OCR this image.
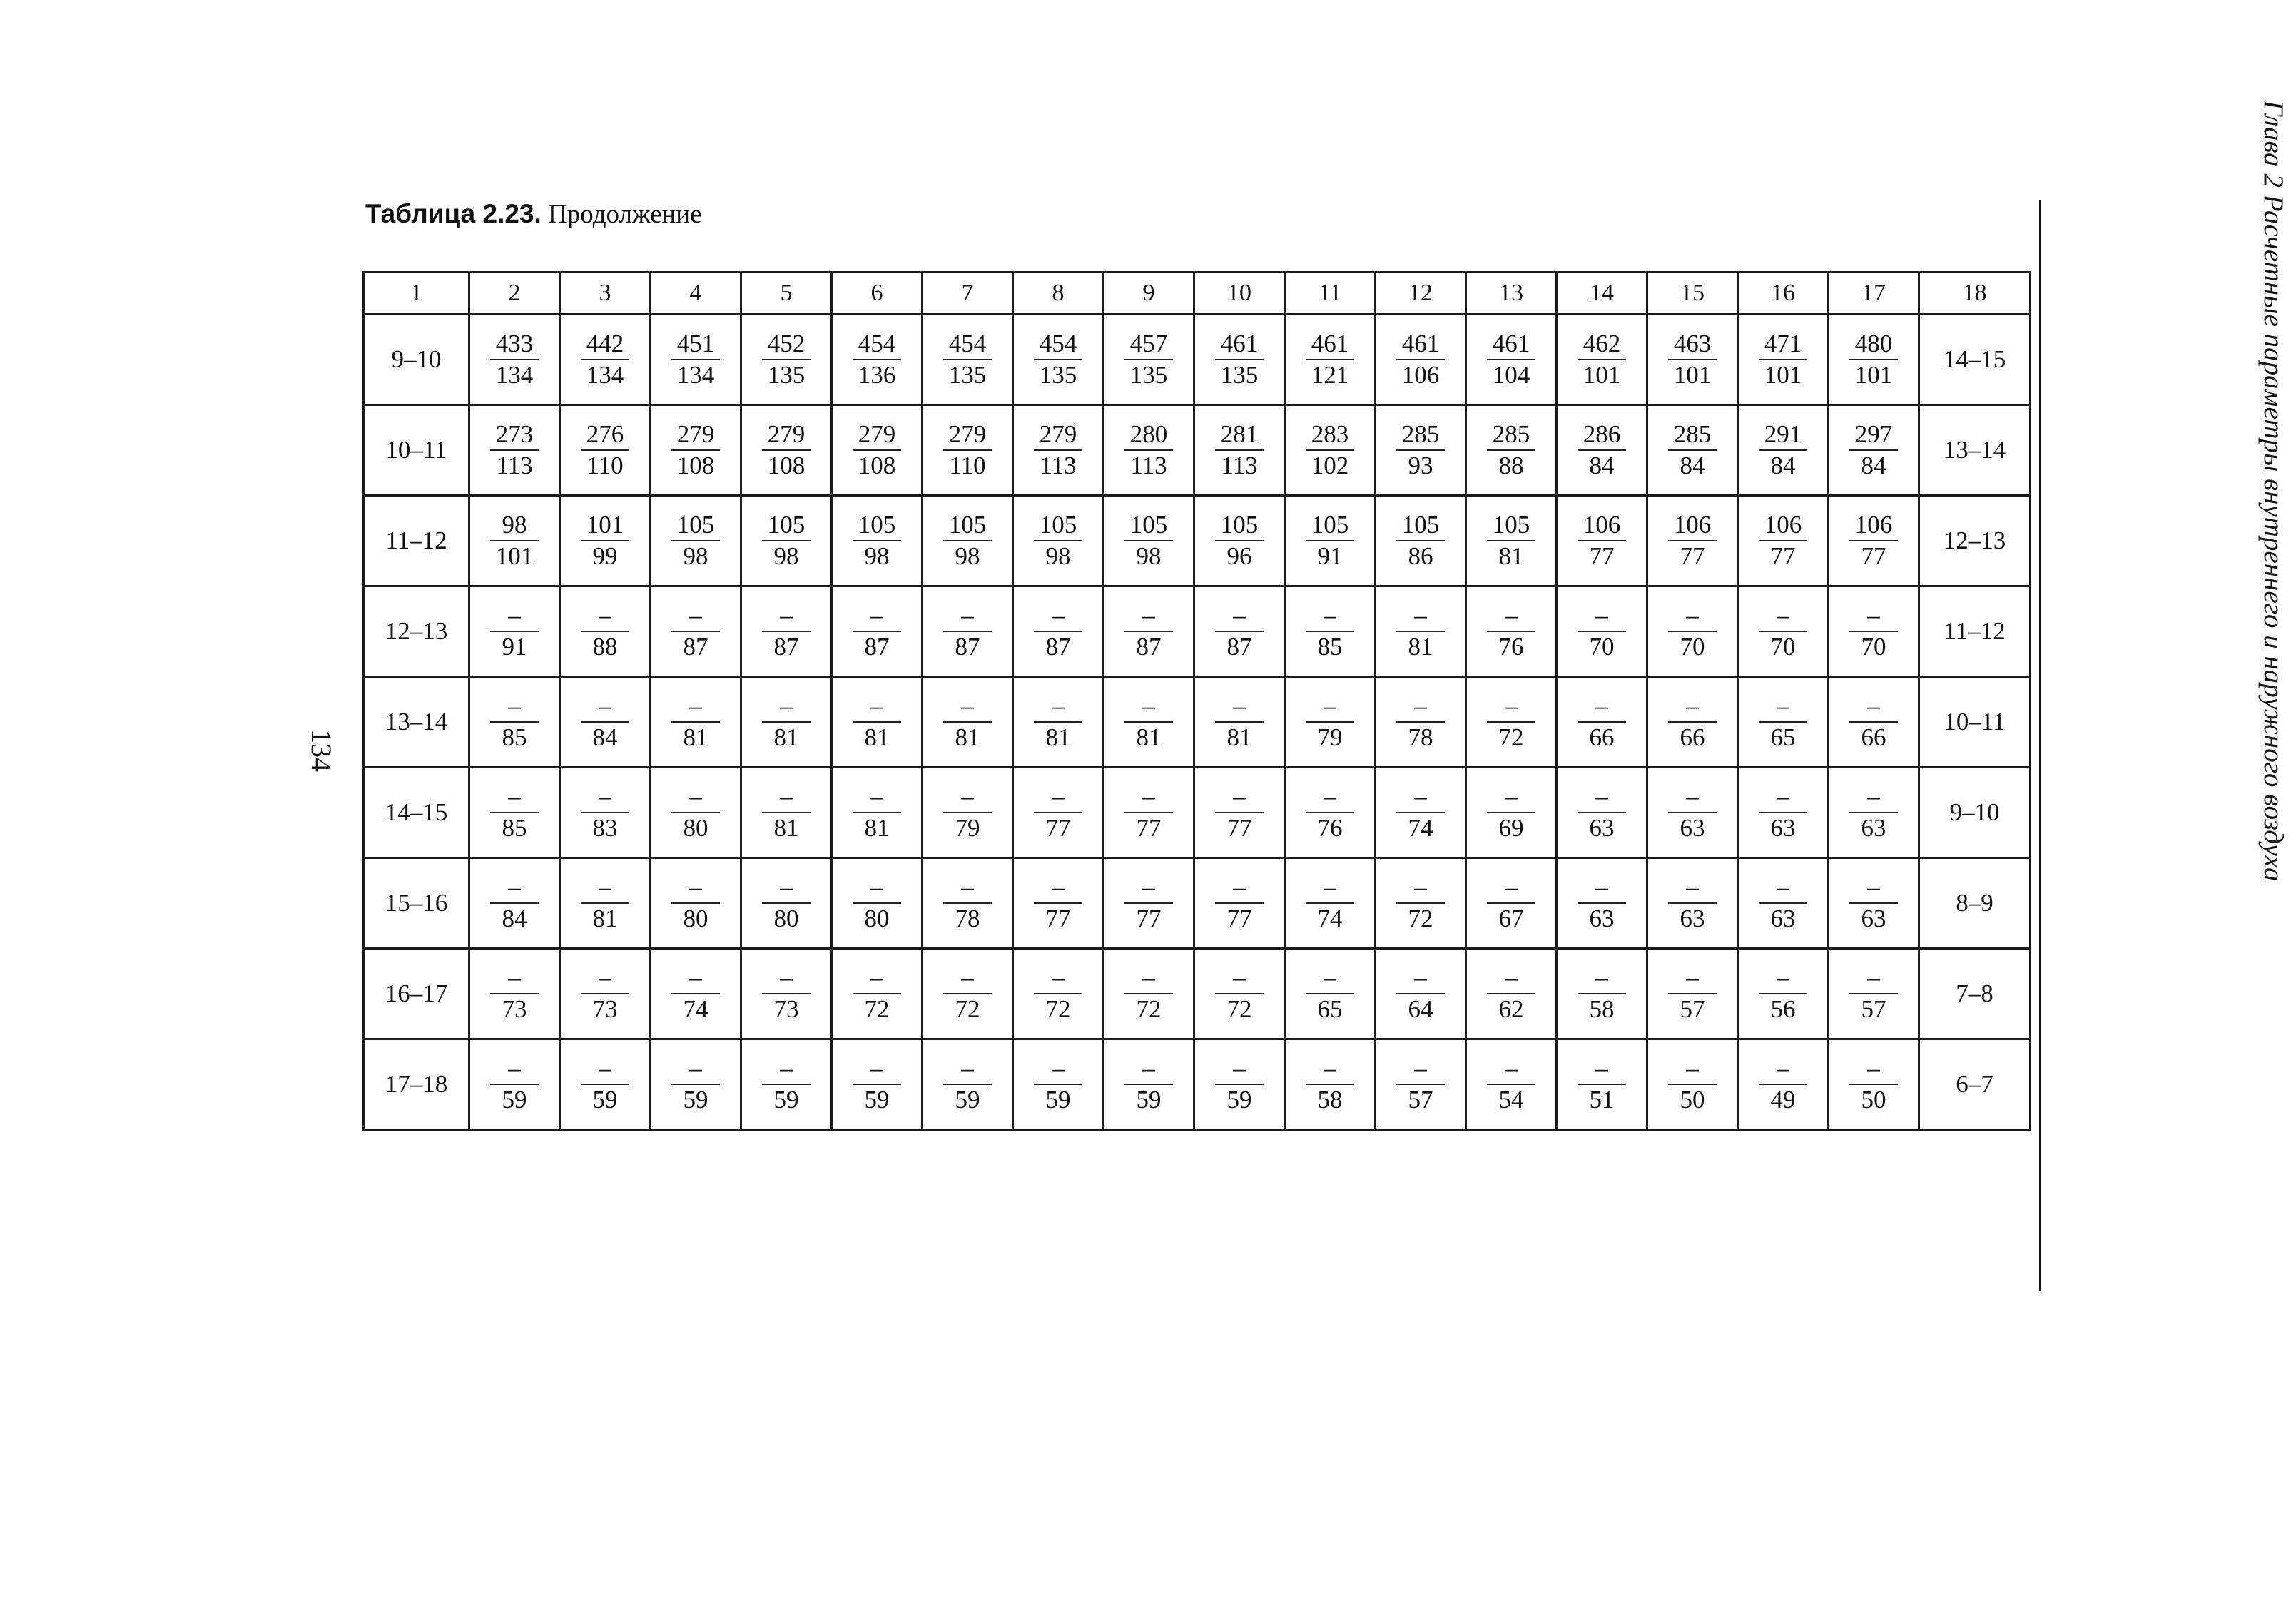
Таблица 2.23. Продолжение
134	Глава 2 Расчетные параметры внутреннего и наружного воздуха
1	2	3	4	5	6	7	8	9	10	11	12	13	14	15	16	17	18
9–10	$\frac{433}{134}$	$\frac{442}{134}$	$\frac{451}{134}$	$\frac{452}{135}$	$\frac{454}{136}$	$\frac{454}{135}$	$\frac{454}{135}$	$\frac{457}{135}$	$\frac{461}{135}$	$\frac{461}{121}$	$\frac{461}{106}$	$\frac{461}{104}$	$\frac{462}{101}$	$\frac{463}{101}$	$\frac{471}{101}$	$\frac{480}{101}$	14–15
10–11	$\frac{273}{113}$	$\frac{276}{110}$	$\frac{279}{108}$	$\frac{279}{108}$	$\frac{279}{108}$	$\frac{279}{110}$	$\frac{279}{113}$	$\frac{280}{113}$	$\frac{281}{113}$	$\frac{283}{102}$	$\frac{285}{93}$	$\frac{285}{88}$	$\frac{286}{84}$	$\frac{285}{84}$	$\frac{291}{84}$	$\frac{297}{84}$	13–14
11–12	$\frac{98}{101}$	$\frac{101}{99}$	$\frac{105}{98}$	$\frac{105}{98}$	$\frac{105}{98}$	$\frac{105}{98}$	$\frac{105}{98}$	$\frac{105}{98}$	$\frac{105}{96}$	$\frac{105}{91}$	$\frac{105}{86}$	$\frac{105}{81}$	$\frac{106}{77}$	$\frac{106}{77}$	$\frac{106}{77}$	$\frac{106}{77}$	12–13
12–13	$\frac{-}{91}$	$\frac{-}{88}$	$\frac{-}{87}$	$\frac{-}{87}$	$\frac{-}{87}$	$\frac{-}{87}$	$\frac{-}{87}$	$\frac{-}{87}$	$\frac{-}{87}$	$\frac{-}{85}$	$\frac{-}{81}$	$\frac{-}{76}$	$\frac{-}{70}$	$\frac{-}{70}$	$\frac{-}{70}$	$\frac{-}{70}$	11–12
13–14	$\frac{-}{85}$	$\frac{-}{84}$	$\frac{-}{81}$	$\frac{-}{81}$	$\frac{-}{81}$	$\frac{-}{81}$	$\frac{-}{81}$	$\frac{-}{81}$	$\frac{-}{81}$	$\frac{-}{79}$	$\frac{-}{78}$	$\frac{-}{72}$	$\frac{-}{66}$	$\frac{-}{66}$	$\frac{-}{65}$	$\frac{-}{66}$	10–11
14–15	$\frac{-}{85}$	$\frac{-}{83}$	$\frac{-}{80}$	$\frac{-}{81}$	$\frac{-}{81}$	$\frac{-}{79}$	$\frac{-}{77}$	$\frac{-}{77}$	$\frac{-}{77}$	$\frac{-}{76}$	$\frac{-}{74}$	$\frac{-}{69}$	$\frac{-}{63}$	$\frac{-}{63}$	$\frac{-}{63}$	$\frac{-}{63}$	9–10
15–16	$\frac{-}{84}$	$\frac{-}{81}$	$\frac{-}{80}$	$\frac{-}{80}$	$\frac{-}{80}$	$\frac{-}{78}$	$\frac{-}{77}$	$\frac{-}{77}$	$\frac{-}{77}$	$\frac{-}{74}$	$\frac{-}{72}$	$\frac{-}{67}$	$\frac{-}{63}$	$\frac{-}{63}$	$\frac{-}{63}$	$\frac{-}{63}$	8–9
16–17	$\frac{-}{73}$	$\frac{-}{73}$	$\frac{-}{74}$	$\frac{-}{73}$	$\frac{-}{72}$	$\frac{-}{72}$	$\frac{-}{72}$	$\frac{-}{72}$	$\frac{-}{72}$	$\frac{-}{65}$	$\frac{-}{64}$	$\frac{-}{62}$	$\frac{-}{58}$	$\frac{-}{57}$	$\frac{-}{56}$	$\frac{-}{57}$	7–8
17–18	$\frac{-}{59}$	$\frac{-}{59}$	$\frac{-}{59}$	$\frac{-}{59}$	$\frac{-}{59}$	$\frac{-}{59}$	$\frac{-}{59}$	$\frac{-}{59}$	$\frac{-}{59}$	$\frac{-}{58}$	$\frac{-}{57}$	$\frac{-}{54}$	$\frac{-}{51}$	$\frac{-}{50}$	$\frac{-}{49}$	$\frac{-}{50}$	6–7
